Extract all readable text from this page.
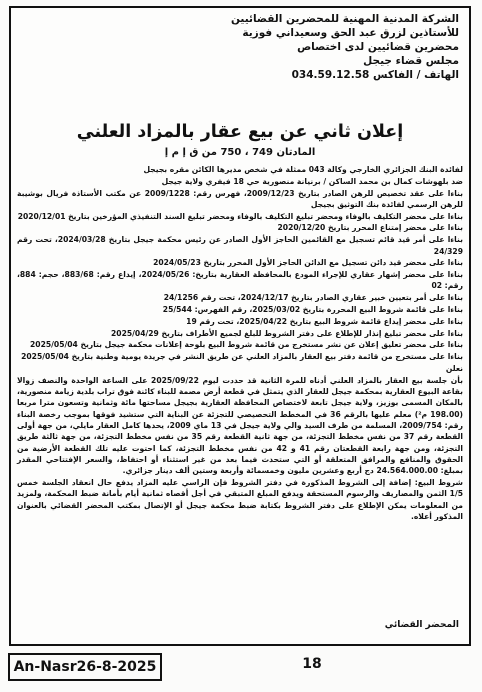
الشركة المدنية المهنية للمحضرين القضائيين
للأستاذين لزرق عبد الحق وسعيداني فوزية
محضرين قضائيين لدى اختصاص
مجلس قضاء جيجل
الهاتف / الفاكس 034.59.12.58
إعلان ثاني عن بيع عقار بالمزاد العلني
المادتان 749 ، 750 من ق إ م إ

لفائدة البنك الجزائري الخارجي وكالة 043 ممثلة في شخص مديرها الكائن مقره بجيجل

ضد بلهوشات كمال بن محمد الساكن / برنيانة منصورية حي 18 فيفري ولاية جيجل

بناءا على عقد تخصيص للرهن الصادر بتاريخ 2009/12/23، فهرس رقم: 2009/1228 عن مكتب الأستاذة فريال بوشيبة للرهن الرسمي لفائدة بنك التوثيق بجيجل

بناءا على محضر التكليف بالوفاء ومحضر تبليغ التكليف بالوفاء ومحضر تبليغ السند التنفيذي المؤرخين بتاريخ 2020/12/01

بناءا على محضر إمتناع المحرر بتاريخ 2020/12/20

بناءا على أمر قيد قائم تسجيل مع القائمين الحاجز الأول الصادر عن رئيس محكمة جيجل بتاريخ 2024/03/28، تحت رقم 24/329

بناءا على محضر قيد دائن تسجيل مع الدائن الحاجز الأول المحرر بتاريخ 2024/05/23

بناءا على محضر إشهار عقاري للإجراء المودع بالمحافظة العقارية بتاريخ: 2024/05/26، إيداع رقم: 883/68، حجم: 884، رقم: 02

بناءا على أمر بتعيين خبير عقاري الصادر بتاريخ 2024/12/17، تحت رقم 24/1256

بناءا على قائمة شروط البيع المحررة بتاريخ 2025/03/02، رقم الفهرس: 25/544

بناءا على محضر إيداع قائمة شروط البيع بتاريخ 2025/04/22، تحت رقم 19

بناءا على محضر تبليغ إنذار للإطلاع على دفتر الشروط للبلغ لجميع الأطراف بتاريخ 2025/04/29

بناءا على محضر تعليق إعلان عن نشر مستخرج من قائمة شروط البيع بلوحة إعلانات محكمة جيجل بتاريخ 2025/05/04

بناءا على مستخرج من قائمة دفتر بيع العقار بالمزاد العلني عن طريق النشر في جريدة يومية وطنية بتاريخ 2025/05/04

نعلن

بأن جلسة بيع العقار بالمزاد العلني أدناه للمرة الثانية قد حددت ليوم 2025/09/22 على الساعة الواحدة والنصف زوالا بقاعة البيوع العقارية بمحكمة جيجل للعقار الذي يتمثل في قطعة أرض مصمة للبناء كائنة فوق تراب بلدية زيامة منصورية، بالمكان المسمى بوزيز، ولاية جيجل تابعة لاختصاص المحافظة العقارية بجيجل مساحتها مائة وثمانية وتسعون مترا مربعا (198.00 م²) معلم عليها بالرقم 36 في المخطط التحصيصي للتجزئة عن البناية التي ستشيد فوقها بموجب رخصة البناء رقم: 2009/754، المسلمة من طرف السيد والي ولاية جيجل في 13 ماي 2009، يحدها كامل العقار مايلي، من جهة أولى القطعة رقم 37 من نفس مخطط التجزئة، من جهة ثانية القطعة رقم 35 من نفس مخطط التجزئة، من جهة ثالثة طريق التجزئة، ومن جهة رابعة القطعتان رقم 41 و 42 من نفس مخطط التجزئة، كما احتوت عليه تلك القطعة الأرضية من الحقوق والمنافع والمرافق المتعلقة أو التي ستحدث فيما بعد من غير استثناء أو احتفاظ، والسعر الإفتتاحي المقدر بمبلغ: 24.564.000.00 دج أربع وعشرين مليون وخمسمائة وأربعة وستين ألف دينار جزائري.

شروط البيع: إضافة إلى الشروط المذكورة في دفتر الشروط فإن الراسي عليه المزاد يدفع حال انعقاد الجلسة خمس 1/5 الثمن والمصاريف والرسوم المستحقة ويدفع المبلغ المتبقي في أجل أقصاه ثمانية أيام بأمانة ضبط المحكمة، ولمزيد من المعلومات يمكن الإطلاع على دفتر الشروط بكتابة ضبط محكمة جيجل أو الإتصال بمكتب المحضر القضائي بالعنوان المذكور أعلاه.

المحضر القضائي
An-Nasr26-8-2025	18
